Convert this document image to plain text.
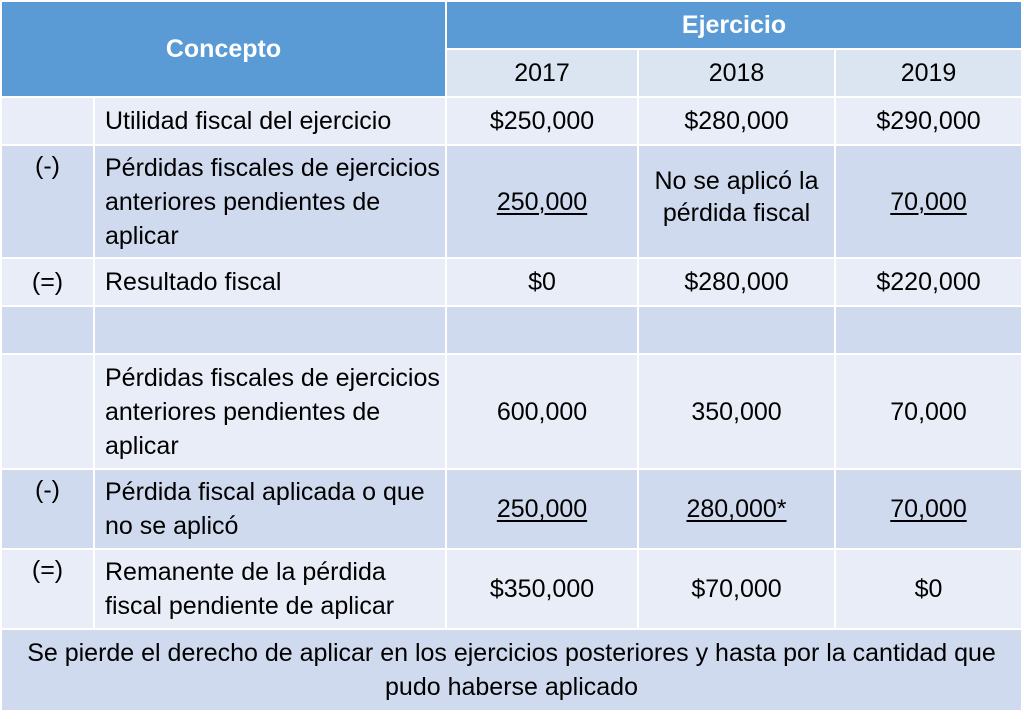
Concepto		Ejercicio		
		2017	2018	2019
	Utilidad fiscal del ejercicio	$250,000	$280,000	$290,000
(-)	Pérdidas fiscales de ejercicios anteriores pendientes de aplicar	250,000	No se aplicó la pérdida fiscal	70,000
(=)	Resultado fiscal	$0	$280,000	$220,000

	Pérdidas fiscales de ejercicios anteriores pendientes de aplicar	600,000	350,000	70,000
(-)	Pérdida fiscal aplicada o que no se aplicó	250,000	280,000*	70,000
(=)	Remanente de la pérdida fiscal pendiente de aplicar	$350,000	$70,000	$0
Se pierde el derecho de aplicar en los ejercicios posteriores y hasta por la cantidad que pudo haberse aplicado				
